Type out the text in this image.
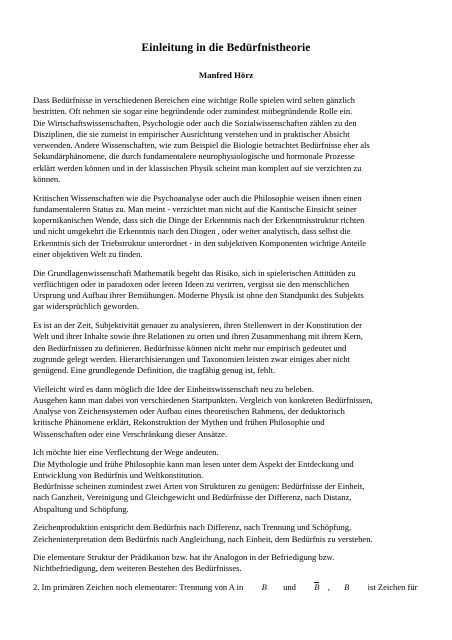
Einleitung in die Bedürfnistheorie
Manfred Hörz
Dass Bedürfnisse in verschiedenen Bereichen eine wichtige Rolle spielen wird selten gänzlich
bestritten. Oft nehmen sie sogar eine begründende oder zumindest mitbegründende Rolle ein.
Die Wirtschaftswissenschaften, Psychologie oder auch die Sozialwissenschaften zählen zu den
Disziplinen, die sie zumeist in empirischer Ausrichtung verstehen und in praktischer Absicht
verwenden. Andere Wissenschaften, wie zum Beispiel die Biologie betrachtet Bedürfnisse eher als
Sekundärphänomene, die durch fundamentalere neurophysiologische und hormonale Prozesse
erklärt werden können und in der klassischen Physik scheint man komplett auf sie verzichten zu
können.
Kritischen Wissenschaften wie die Psychoanalyse oder auch die Philosophie weisen ihnen einen
fundamentaleren Status zu. Man meint - verzichtet man nicht auf die Kantische Einsicht seiner
kopernikanischen Wende, dass sich die Dinge der Erkenntnis nach der Erkenntnisstruktur richten
und nicht umgekehrt die Erkenntnis nach den Dingen , oder weiter analytisch, dass selbst die
Erkenntnis sich der Triebstruktur unterordnet - in den subjektiven Komponenten wichtige Anteile
einer objektiven Welt zu finden.
Die Grundlagenwissenschaft Mathematik begeht das Risiko, sich in spielerischen Attitüden zu
verflüchtigen oder in paradoxen oder leeren Ideen zu verirren, vergisst sie den menschlichen
Ursprung und Aufbau ihrer Bemühungen. Moderne Physik ist ohne den Standpunkt des Subjekts
gar widersprüchlich geworden.
Es ist an der Zeit, Subjektivität genauer zu analysieren, ihren Stellenwert in der Konstitution der
Welt und ihrer Inhalte sowie ihre Relationen zu orten und ihren Zusammenhang mit ihrem Kern,
den Bedürfnissen zu definieren. Bedürfnisse können nicht mehr nur empirisch gedeutet und
zugrunde gelegt werden. Hierarchisierungen und Taxonomien leisten zwar einiges aber nicht
genügend. Eine grundlegende Definition, die tragfähig genug ist, fehlt.
Vielleicht wird es dann möglich die Idee der Einheitswissenschaft neu zu beleben.
Ausgehen kann man dabei von verschiedenen Startpunkten. Vergleich von konkreten Bedürfnissen,
Analyse von Zeichensystemen oder Aufbau eines theoretischen Rahmens, der deduktorisch
kritische Phänomene erklärt, Rekonstruktion der Mythen und frühen Philosophie und
Wissenschaften oder eine Verschränkung dieser Ansätze.
Ich möchte hier eine Verflechtung der Wege andeuten.
Die Mythologie und frühe Philosophie kann man lesen unter dem Aspekt der Entdeckung und
Entwicklung von Bedürfnis und Weltkonstitution.
Bedürfnisse scheinen zumindest zwei Arten von Strukturen zu genügen: Bedürfnisse der Einheit,
nach Ganzheit, Vereinigung und Gleichgewicht und Bedürfnisse der Differenz, nach Distanz,
Abspaltung und Schöpfung.
Zeichenproduktion entspricht dem Bedürfnis nach Differenz, nach Trennung und Schöpfung,
Zeicheninterpretation dem Bedürfnis nach Angleichung, nach Einheit, dem Bedürfnis zu verstehen.
Die elementare Struktur der Prädikation bzw. hat ihr Analogon in der Befriedigung bzw.
Nichtbefriedigung, dem weiteren Bestehen des Bedürfnisses.
2. Im primären Zeichen noch elementarer: Trennung von A in B und B , B ist Zeichen für
